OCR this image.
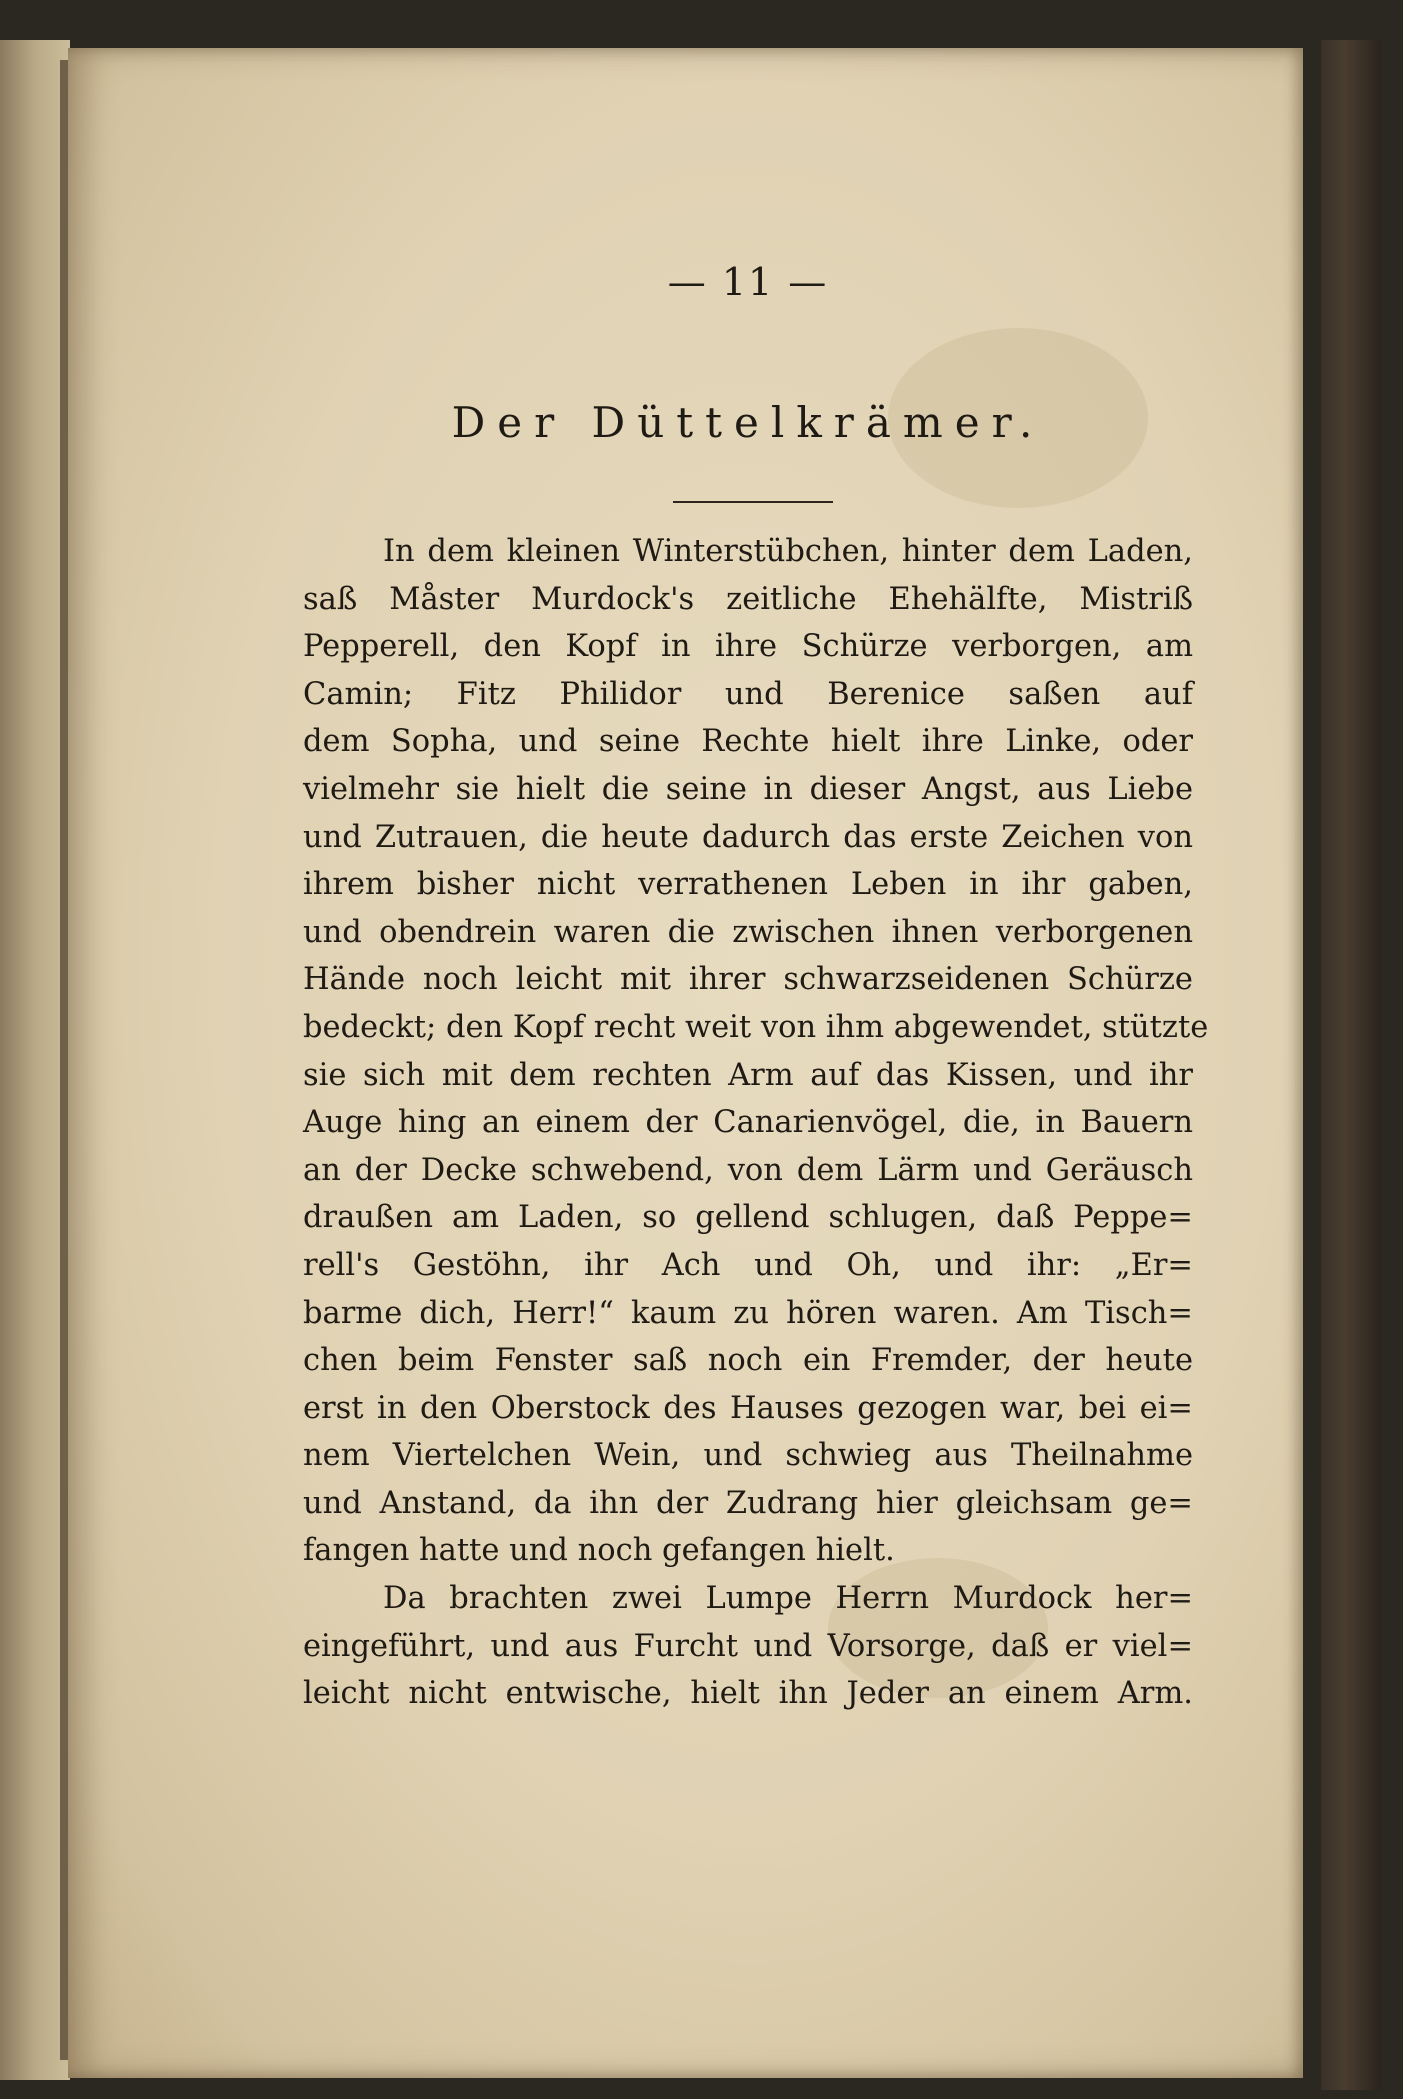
— 11 —
Der Düttelkrämer.
In dem kleinen Winterstübchen, hinter dem Laden,
saß Måster Murdock's zeitliche Ehehälfte, Mistriß
Pepperell, den Kopf in ihre Schürze verborgen, am
Camin; Fitz Philidor und Berenice saßen auf
dem Sopha, und seine Rechte hielt ihre Linke, oder
vielmehr sie hielt die seine in dieser Angst, aus Liebe
und Zutrauen, die heute dadurch das erste Zeichen von
ihrem bisher nicht verrathenen Leben in ihr gaben,
und obendrein waren die zwischen ihnen verborgenen
Hände noch leicht mit ihrer schwarzseidenen Schürze
bedeckt; den Kopf recht weit von ihm abgewendet, stützte
sie sich mit dem rechten Arm auf das Kissen, und ihr
Auge hing an einem der Canarienvögel, die, in Bauern
an der Decke schwebend, von dem Lärm und Geräusch
draußen am Laden, so gellend schlugen, daß Peppe=
rell's Gestöhn, ihr Ach und Oh, und ihr: „Er=
barme dich, Herr!“ kaum zu hören waren. Am Tisch=
chen beim Fenster saß noch ein Fremder, der heute
erst in den Oberstock des Hauses gezogen war, bei ei=
nem Viertelchen Wein, und schwieg aus Theilnahme
und Anstand, da ihn der Zudrang hier gleichsam ge=
fangen hatte und noch gefangen hielt.
Da brachten zwei Lumpe Herrn Murdock her=
eingeführt, und aus Furcht und Vorsorge, daß er viel=
leicht nicht entwische, hielt ihn Jeder an einem Arm.
